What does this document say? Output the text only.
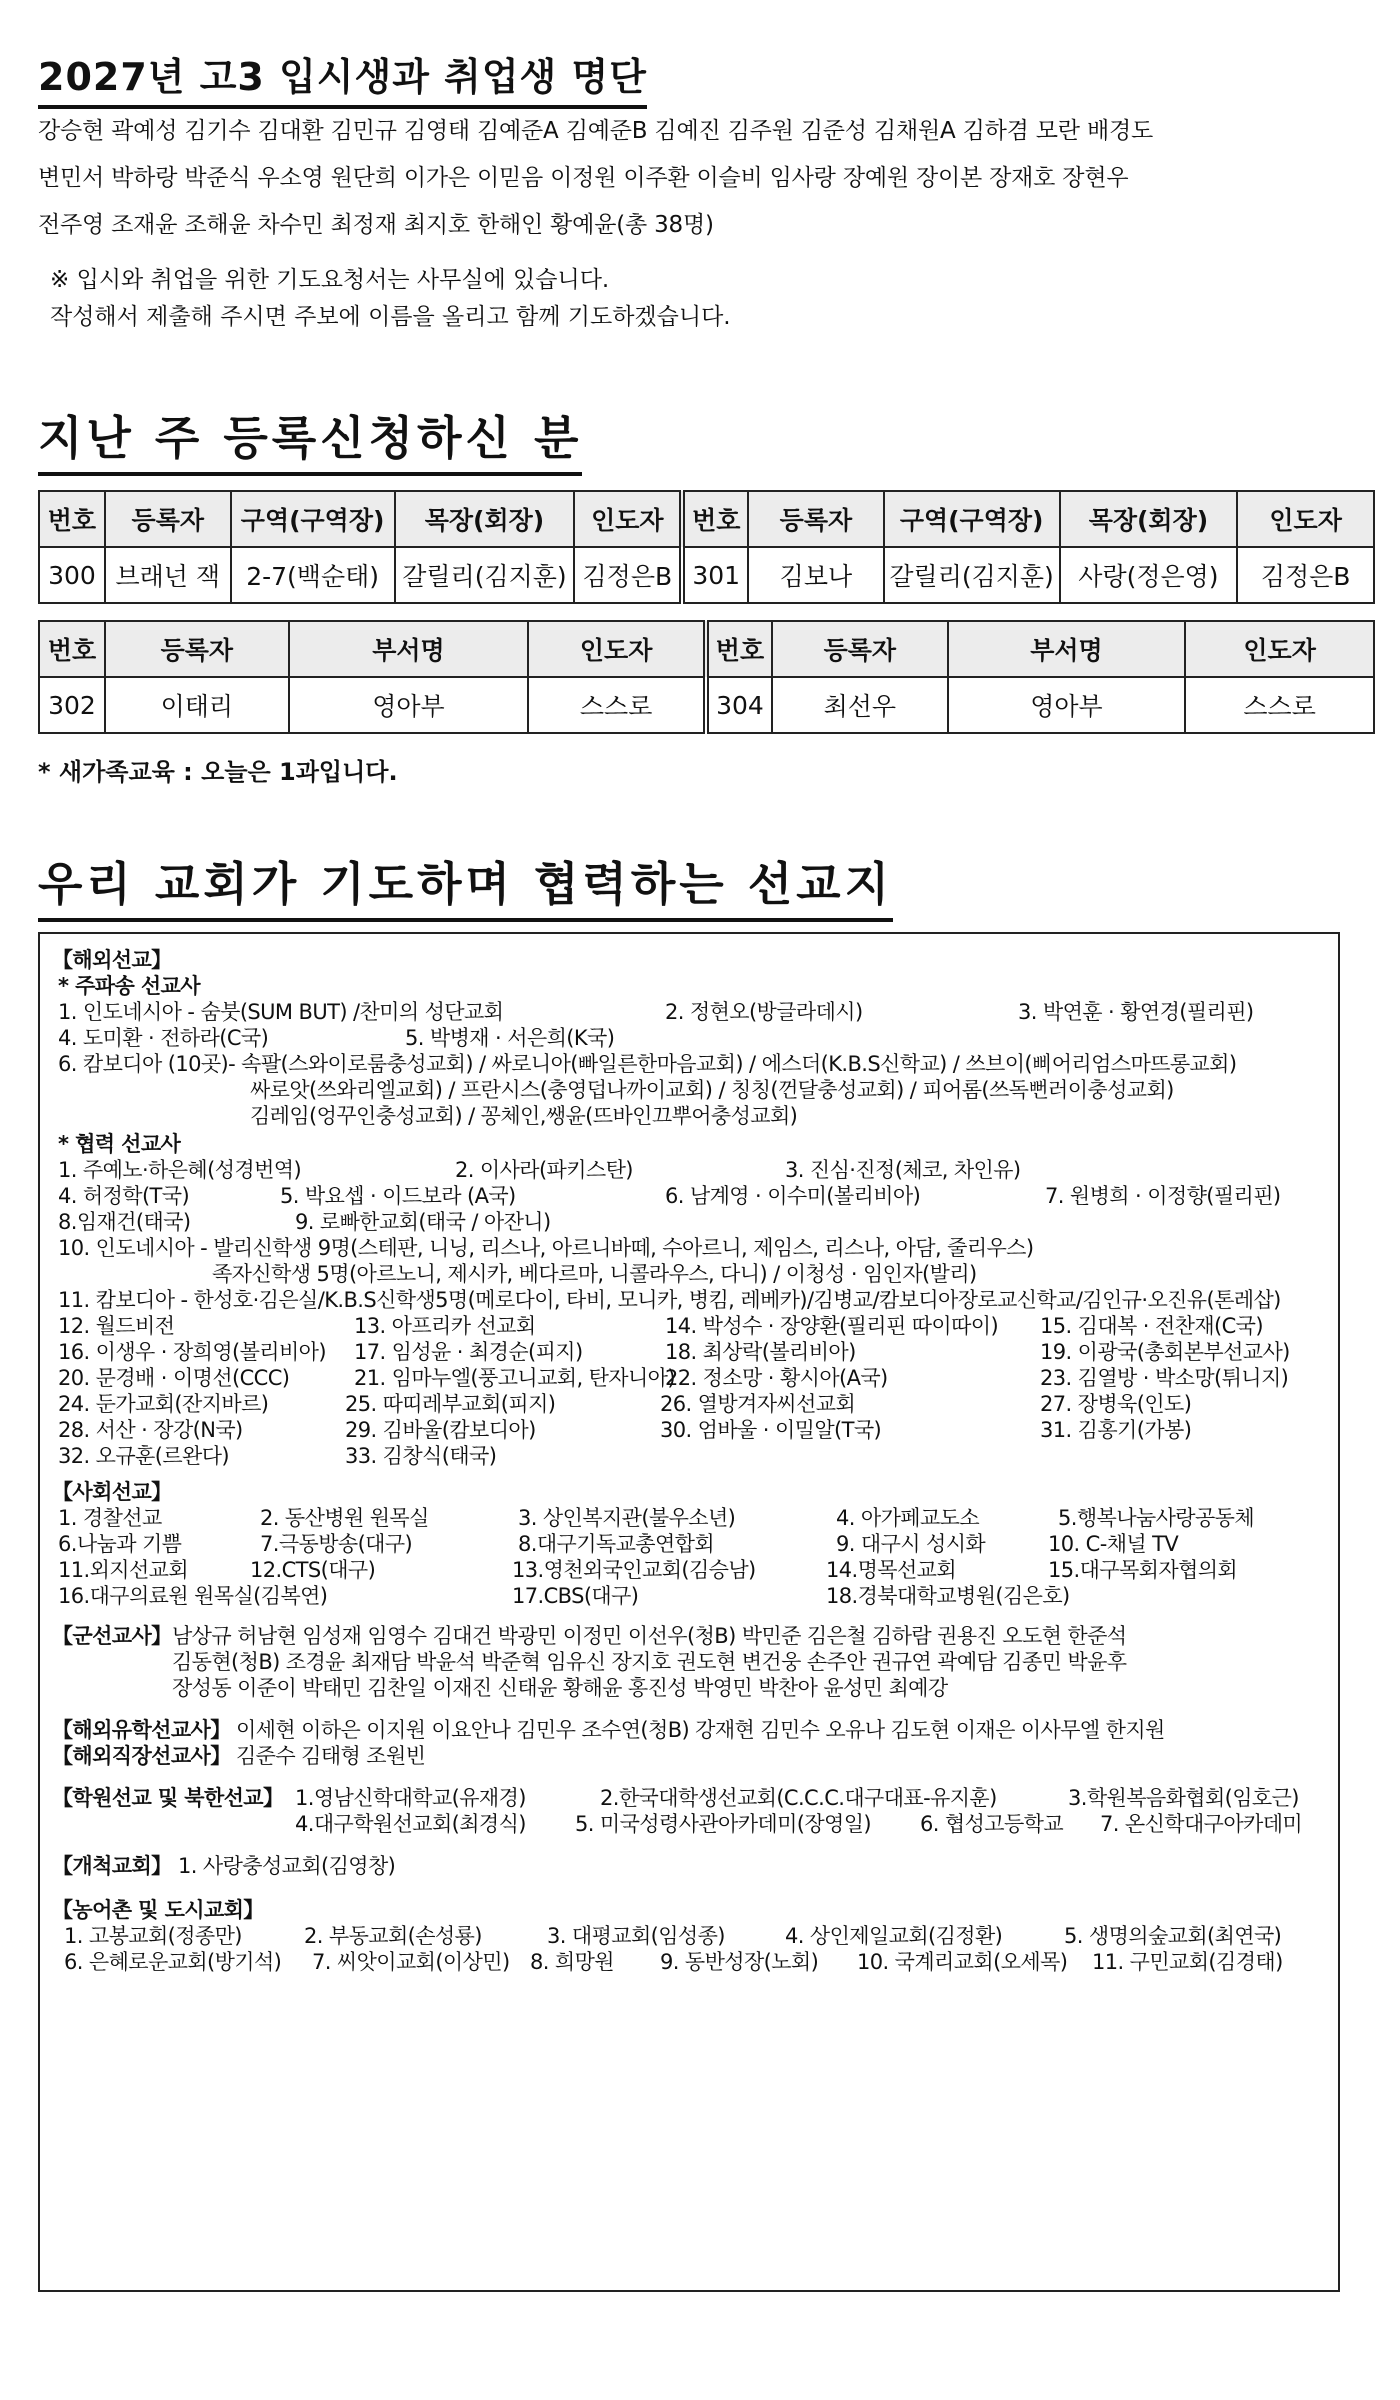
2027년 고3 입시생과 취업생 명단
강승현 곽예성 김기수 김대환 김민규 김영태 김예준A 김예준B 김예진 김주원 김준성 김채원A 김하겸 모란 배경도
변민서 박하랑 박준식 우소영 원단희 이가은 이믿음 이정원 이주환 이슬비 임사랑 장예원 장이본 장재호 장현우
전주영 조재윤 조해윤 차수민 최정재 최지호 한해인 황예윤(총 38명)
※ 입시와 취업을 위한 기도요청서는 사무실에 있습니다.
작성해서 제출해 주시면 주보에 이름을 올리고 함께 기도하겠습니다.
지난 주 등록신청하신 분
번호	등록자	구역(구역장)	목장(회장)	인도자	번호	등록자	구역(구역장)	목장(회장)	인도자
300	브래넌 잭	2-7(백순태)	갈릴리(김지훈)	김정은B	301	김보나	갈릴리(김지훈)	사랑(정은영)	김정은B
번호	등록자	부서명	인도자	번호	등록자	부서명	인도자
302	이태리	영아부	스스로	304	최선우	영아부	스스로
* 새가족교육 : 오늘은 1과입니다.
우리 교회가 기도하며 협력하는 선교지
【해외선교】
* 주파송 선교사
1. 인도네시아 - 숨붓(SUM BUT) /찬미의 성단교회	2. 정현오(방글라데시)	3. 박연훈 · 황연경(필리핀)
4. 도미환 · 전하라(C국)	5. 박병재 · 서은희(K국)
6. 캄보디아 (10곳)- 속팔(스와이로룸충성교회) / 싸로니아(빠일른한마음교회) / 에스더(K.B.S신학교) / 쓰브이(삐어리엄스마뜨롱교회)
싸로앗(쓰와리엘교회) / 프란시스(충영덥나까이교회) / 칭칭(껀달충성교회) / 피어롬(쓰독뻔러이충성교회)
김레임(엉꾸인충성교회) / 꽁체인,쌩윤(뜨바인끄뿌어충성교회)
* 협력 선교사
1. 주예노·하은혜(성경번역)	2. 이사라(파키스탄)	3. 진심·진정(체코, 차인유)
4. 허정학(T국)	5. 박요셉 · 이드보라 (A국)	6. 남계영 · 이수미(볼리비아)	7. 원병희 · 이정향(필리핀)
8.임재건(태국)	9. 로빠한교회(태국 / 아잔니)
10. 인도네시아 - 발리신학생 9명(스테판, 니닝, 리스나, 아르니바떼, 수아르니, 제임스, 리스나, 아담, 줄리우스)
족자신학생 5명(아르노니, 제시카, 베다르마, 니콜라우스, 다니) / 이청성 · 임인자(발리)
11. 캄보디아 - 한성호·김은실/K.B.S신학생5명(메로다이, 타비, 모니카, 병킴, 레베카)/김병교/캄보디아장로교신학교/김인규·오진유(톤레삽)
12. 월드비전	13. 아프리카 선교회	14. 박성수 · 장양환(필리핀 따이따이) 15. 김대복 · 전찬재(C국)
16. 이생우 · 장희영(볼리비아) 17. 임성윤 · 최경순(피지)	18. 최상락(볼리비아)	19. 이광국(총회본부선교사)
20. 문경배 · 이명선(CCC)	21. 임마누엘(풍고니교회, 탄자니아)
22. 정소망 · 황시아(A국)	23. 김열방 · 박소망(튀니지)
24. 둔가교회(잔지바르)	25. 따띠레부교회(피지)	26. 열방겨자씨선교회	27. 장병욱(인도)
28. 서산 · 장강(N국)	29. 김바울(캄보디아)	30. 엄바울 · 이밀알(T국)	31. 김홍기(가봉)
32. 오규훈(르완다)	33. 김창식(태국)
【사회선교】
1. 경찰선교	2. 동산병원 원목실	3. 상인복지관(불우소년)	4. 아가페교도소	5.행복나눔사랑공동체
6.나눔과 기쁨	7.극동방송(대구)	8.대구기독교총연합회	9. 대구시 성시화	10. C-채널 TV
11.외지선교회	12.CTS(대구)	13.영천외국인교회(김승남)	14.명목선교회	15.대구목회자협의회
16.대구의료원 원목실(김복연)	17.CBS(대구)	18.경북대학교병원(김은호)
【군선교사】 남상규 허남현 임성재 임영수 김대건 박광민 이정민 이선우(청B) 박민준 김은철 김하람 권용진 오도현 한준석
김동현(청B) 조경윤 최재담 박윤석 박준혁 임유신 장지호 권도현 변건웅 손주안 권규연 곽예담 김종민 박윤후
장성동 이준이 박태민 김찬일 이재진 신태윤 황해윤 홍진성 박영민 박찬아 윤성민 최예강
【해외유학선교사】 이세현 이하은 이지원 이요안나 김민우 조수연(청B) 강재현 김민수 오유나 김도현 이재은 이사무엘 한지원
【해외직장선교사】 김준수 김태형 조원빈
【학원선교 및 북한선교】 1.영남신학대학교(유재경)	2.한국대학생선교회(C.C.C.대구대표-유지훈)	3.학원복음화협회(임호근)
4.대구학원선교회(최경식) 5. 미국성령사관아카데미(장영일) 6. 협성고등학교 7. 온신학대구아카데미
【개척교회】 1. 사랑충성교회(김영창)
【농어촌 및 도시교회】
1. 고봉교회(정종만)	2. 부동교회(손성룡)	3. 대평교회(임성종)	4. 상인제일교회(김정환)	5. 생명의숲교회(최연국)
6. 은혜로운교회(방기석) 7. 씨앗이교회(이상민) 8. 희망원 9. 동반성장(노회) 10. 국계리교회(오세목) 11. 구민교회(김경태)
